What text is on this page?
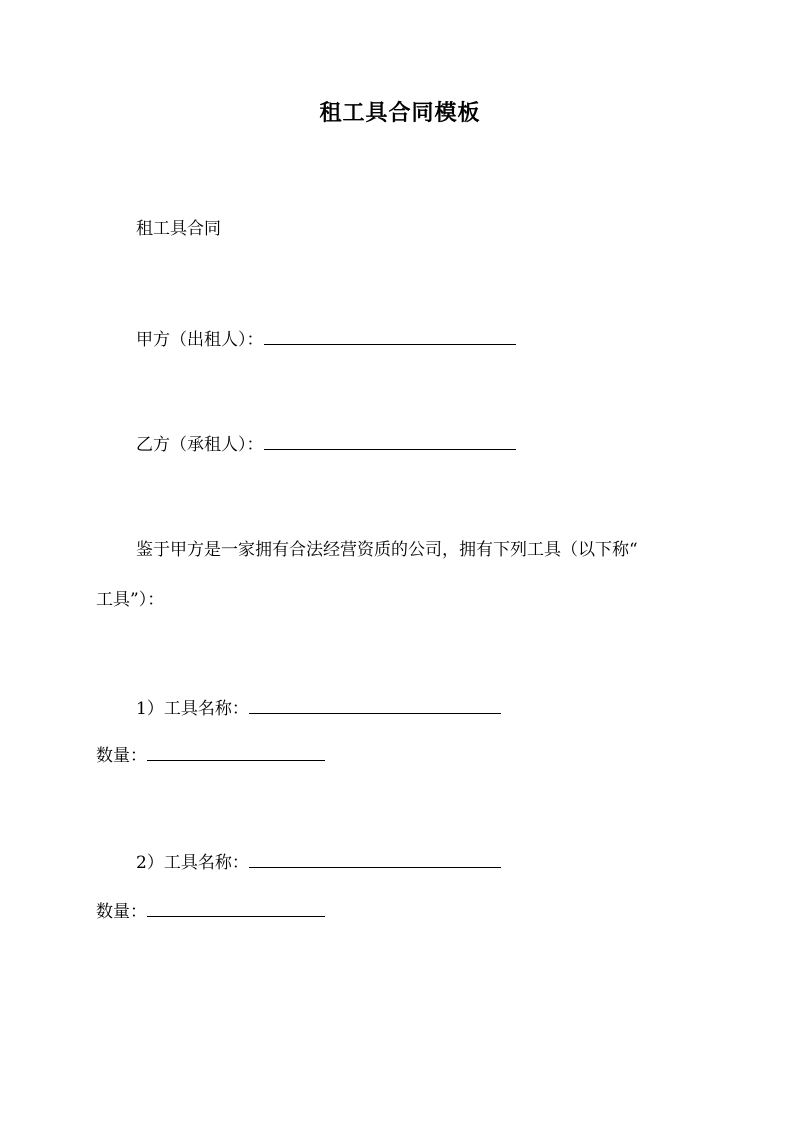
租工具合同模板

租工具合同

甲方（出租人）：

乙方（承租人）：

鉴于甲方是一家拥有合法经营资质的公司，拥有下列工具（以下称“

工具”）：

1）工具名称：

数量：

2）工具名称：

数量：
